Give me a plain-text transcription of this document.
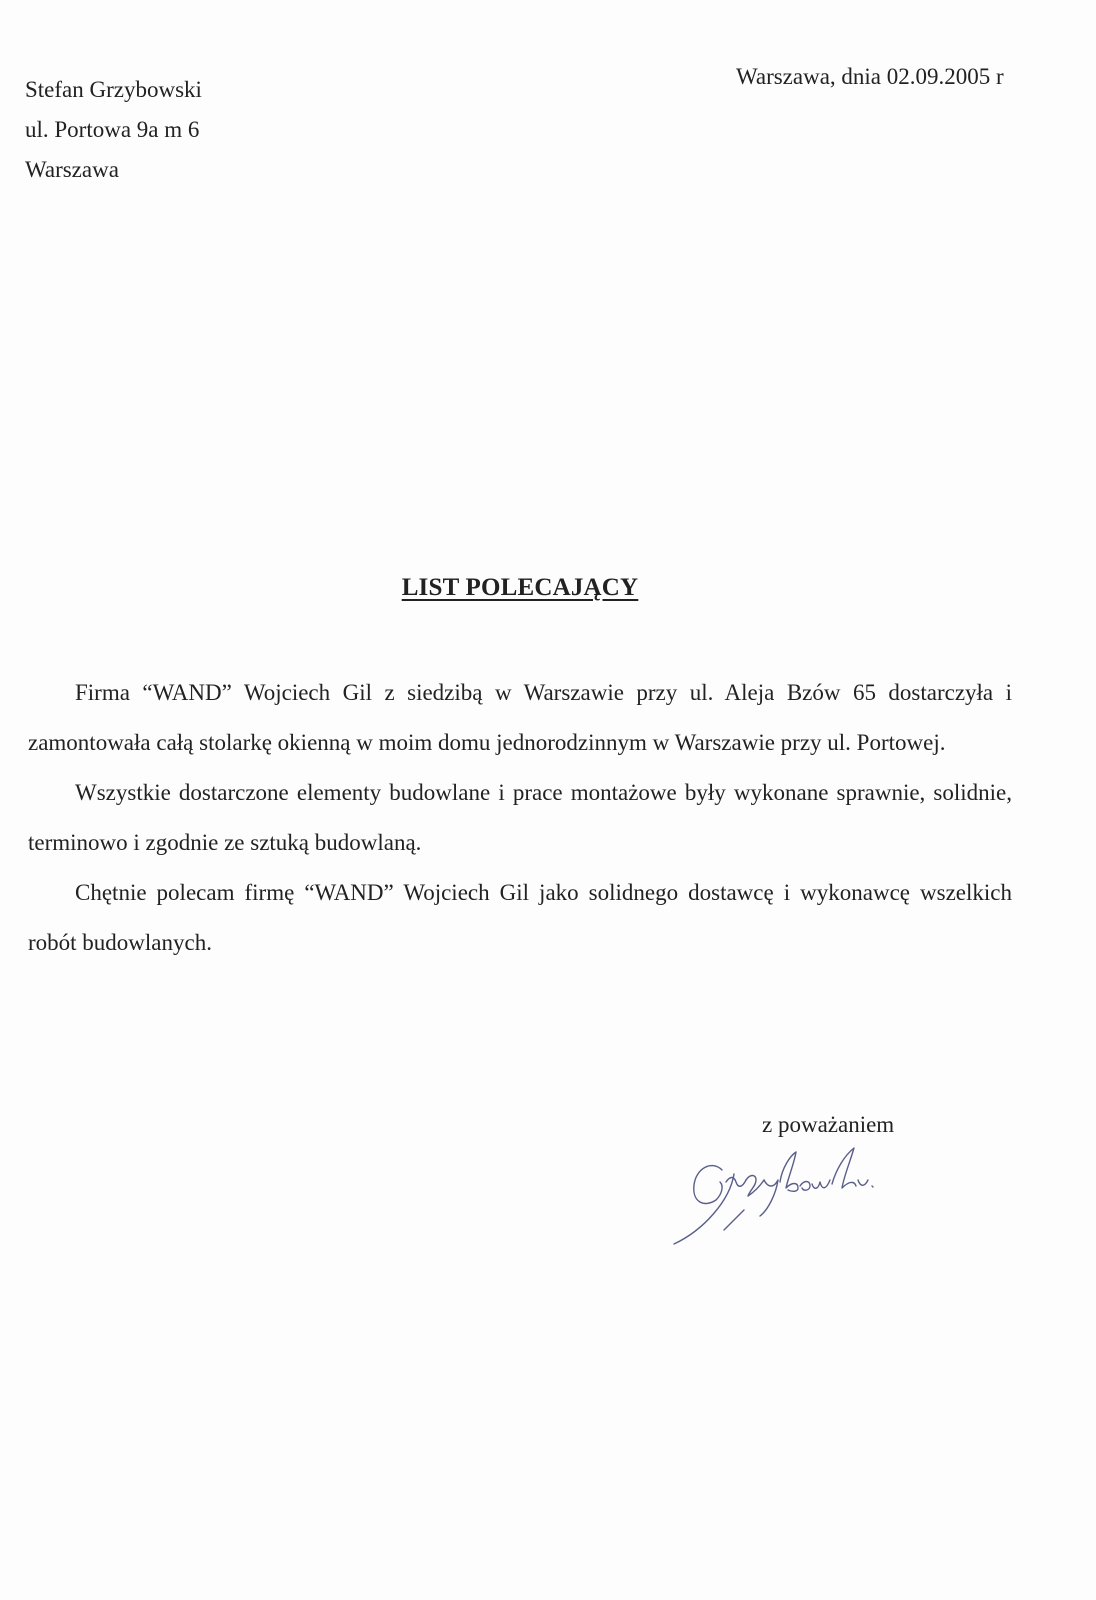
Stefan Grzybowski
ul. Portowa 9a m 6
Warszawa
Warszawa, dnia 02.09.2005 r
LIST POLECAJĄCY

Firma “WAND” Wojciech Gil z siedzibą w Warszawie przy ul. Aleja Bzów 65 dostarczyła i zamontowała całą stolarkę okienną w moim domu jednorodzinnym w Warszawie przy ul. Portowej.

Wszystkie dostarczone elementy budowlane i prace montażowe były wykonane sprawnie, solidnie, terminowo i zgodnie ze sztuką budowlaną.

Chętnie polecam firmę “WAND” Wojciech Gil jako solidnego dostawcę i wykonawcę wszelkich robót budowlanych.

z poważaniem
